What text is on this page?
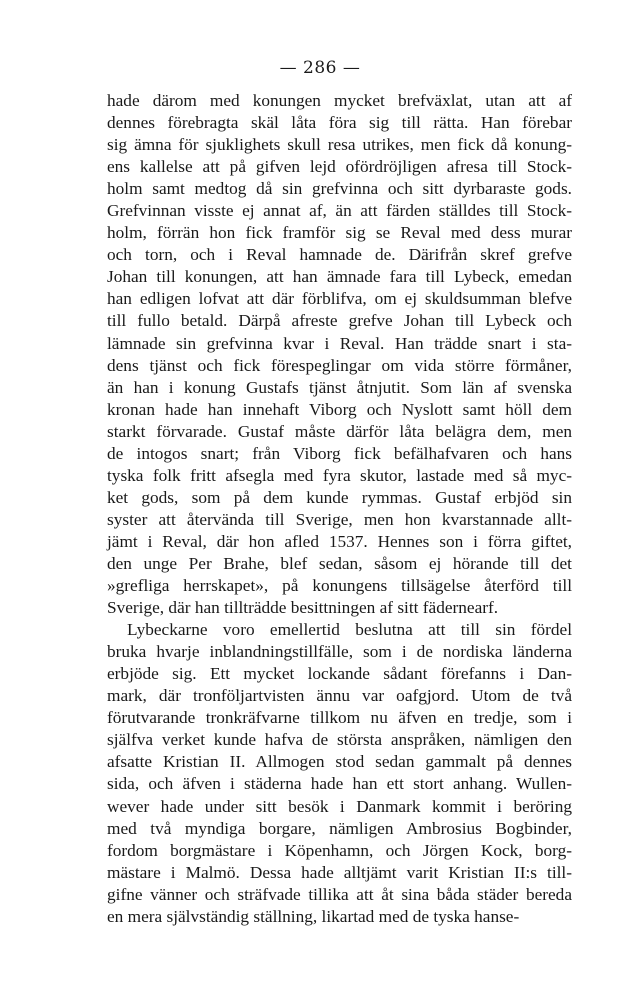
— 286 —
hade därom med konungen mycket brefväxlat, utan att af
dennes förebragta skäl låta föra sig till rätta. Han förebar
sig ämna för sjuklighets skull resa utrikes, men fick då konung-
ens kallelse att på gifven lejd ofördröjligen afresa till Stock-
holm samt medtog då sin grefvinna och sitt dyrbaraste gods.
Grefvinnan visste ej annat af, än att färden ställdes till Stock-
holm, förrän hon fick framför sig se Reval med dess murar
och torn, och i Reval hamnade de. Därifrån skref grefve
Johan till konungen, att han ämnade fara till Lybeck, emedan
han edligen lofvat att där förblifva, om ej skuldsumman blefve
till fullo betald. Därpå afreste grefve Johan till Lybeck och
lämnade sin grefvinna kvar i Reval. Han trädde snart i sta-
dens tjänst och fick förespeglingar om vida större förmåner,
än han i konung Gustafs tjänst åtnjutit. Som län af svenska
kronan hade han innehaft Viborg och Nyslott samt höll dem
starkt förvarade. Gustaf måste därför låta belägra dem, men
de intogos snart; från Viborg fick befälhafvaren och hans
tyska folk fritt afsegla med fyra skutor, lastade med så myc-
ket gods, som på dem kunde rymmas. Gustaf erbjöd sin
syster att återvända till Sverige, men hon kvarstannade allt-
jämt i Reval, där hon afled 1537. Hennes son i förra giftet,
den unge Per Brahe, blef sedan, såsom ej hörande till det
»grefliga herrskapet», på konungens tillsägelse återförd till
Sverige, där han tillträdde besittningen af sitt fädernearf.
Lybeckarne voro emellertid beslutna att till sin fördel
bruka hvarje inblandningstillfälle, som i de nordiska länderna
erbjöde sig. Ett mycket lockande sådant förefanns i Dan-
mark, där tronföljartvisten ännu var oafgjord. Utom de två
förutvarande tronkräfvarne tillkom nu äfven en tredje, som i
själfva verket kunde hafva de största anspråken, nämligen den
afsatte Kristian II. Allmogen stod sedan gammalt på dennes
sida, och äfven i städerna hade han ett stort anhang. Wullen-
wever hade under sitt besök i Danmark kommit i beröring
med två myndiga borgare, nämligen Ambrosius Bogbinder,
fordom borgmästare i Köpenhamn, och Jörgen Kock, borg-
mästare i Malmö. Dessa hade alltjämt varit Kristian II:s till-
gifne vänner och sträfvade tillika att åt sina båda städer bereda
en mera självständig ställning, likartad med de tyska hanse-
